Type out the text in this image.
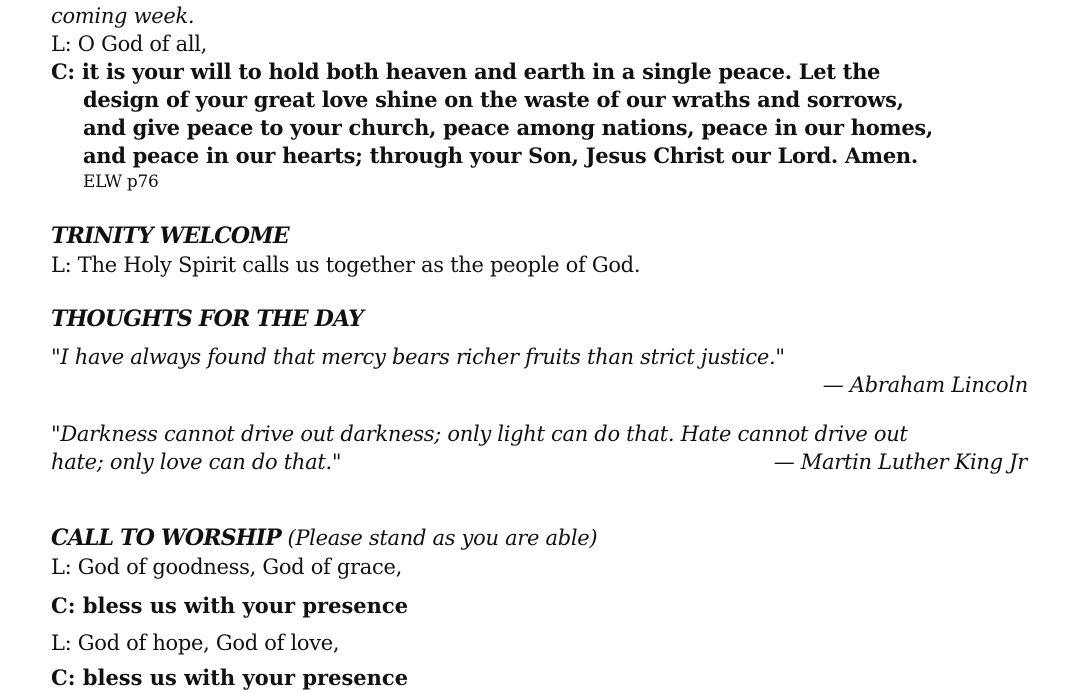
coming week.
L: O God of all,
C: it is your will to hold both heaven and earth in a single peace. Let the
design of your great love shine on the waste of our wraths and sorrows,
and give peace to your church, peace among nations, peace in our homes,
and peace in our hearts; through your Son, Jesus Christ our Lord. Amen.
ELW p76
TRINITY WELCOME
L: The Holy Spirit calls us together as the people of God.
THOUGHTS FOR THE DAY
"I have always found that mercy bears richer fruits than strict justice."
— Abraham Lincoln
"Darkness cannot drive out darkness; only light can do that. Hate cannot drive out
hate; only love can do that."	— Martin Luther King Jr
CALL TO WORSHIP (Please stand as you are able)
L: God of goodness, God of grace,
C: bless us with your presence
L: God of hope, God of love,
C: bless us with your presence
